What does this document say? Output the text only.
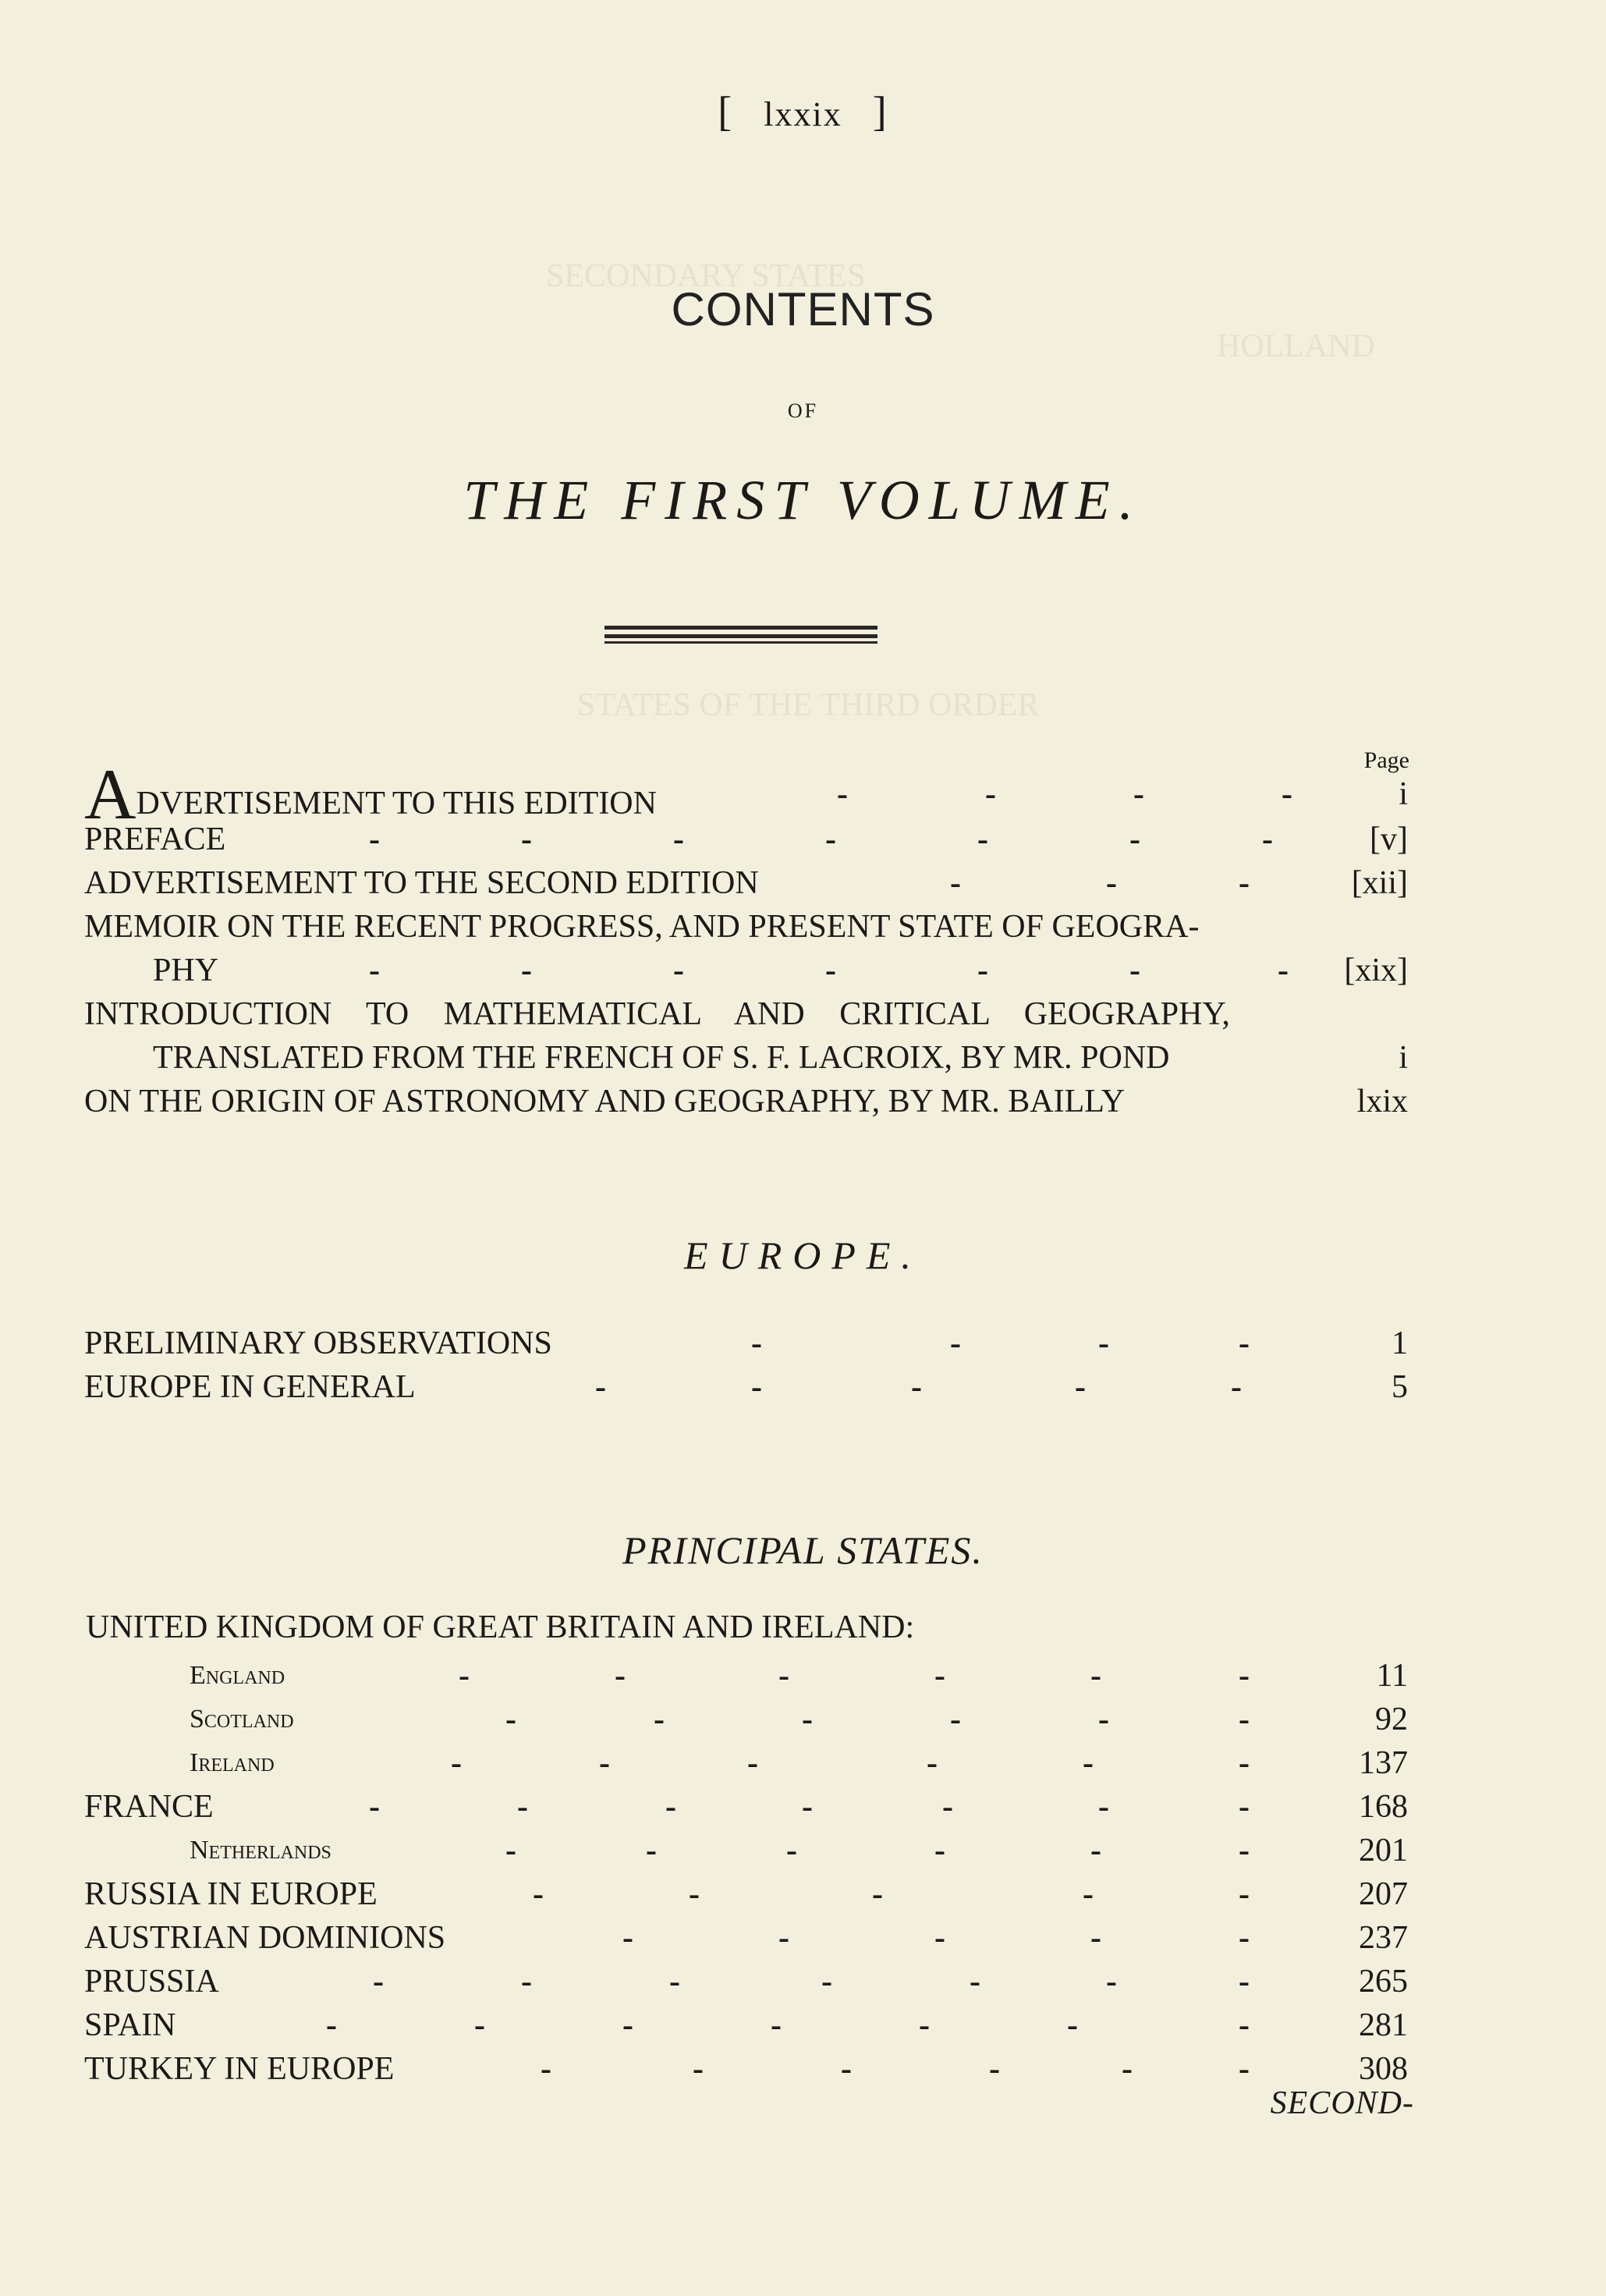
SECONDARY STATES
HOLLAND
STATES OF THE THIRD ORDER
[ lxxix ]
CONTENTS
OF
THE FIRST VOLUME.
Page
ADVERTISEMENT TO THIS EDITION	-	-	-	-	i
PREFACE	-	-	-	-	-	-	-	[v]
ADVERTISEMENT TO THE SECOND EDITION	-	-	-	[xii]
MEMOIR ON THE RECENT PROGRESS, AND PRESENT STATE OF GEOGRA-
PHY	-	-	-	-	-	-	- [xix]
INTRODUCTION TO MATHEMATICAL AND CRITICAL GEOGRAPHY,
TRANSLATED FROM THE FRENCH OF S. F. LACROIX, BY MR. POND	i
ON THE ORIGIN OF ASTRONOMY AND GEOGRAPHY, BY MR. BAILLY	lxix
EUROPE.
PRELIMINARY OBSERVATIONS	-	-	-	-	1
EUROPE IN GENERAL	-	-	-	-	-	5
PRINCIPAL STATES.
UNITED KINGDOM OF GREAT BRITAIN AND IRELAND:
England	-	-	-	-	-	-	11
Scotland	-	-	-	-	-	-	92
Ireland	-	-	-	-	-	-	137
FRANCE	-	-	-	-	-	-	-	168
Netherlands	-	-	-	-	-	-	201
RUSSIA IN EUROPE	-	-	-	-	-	207
AUSTRIAN DOMINIONS	-	-	-	-	-	237
PRUSSIA	-	-	-	-	-	-	-	265
SPAIN	-	-	-	-	-	-	-	281
TURKEY IN EUROPE	-	-	-	-	-	-	308
SECOND-
